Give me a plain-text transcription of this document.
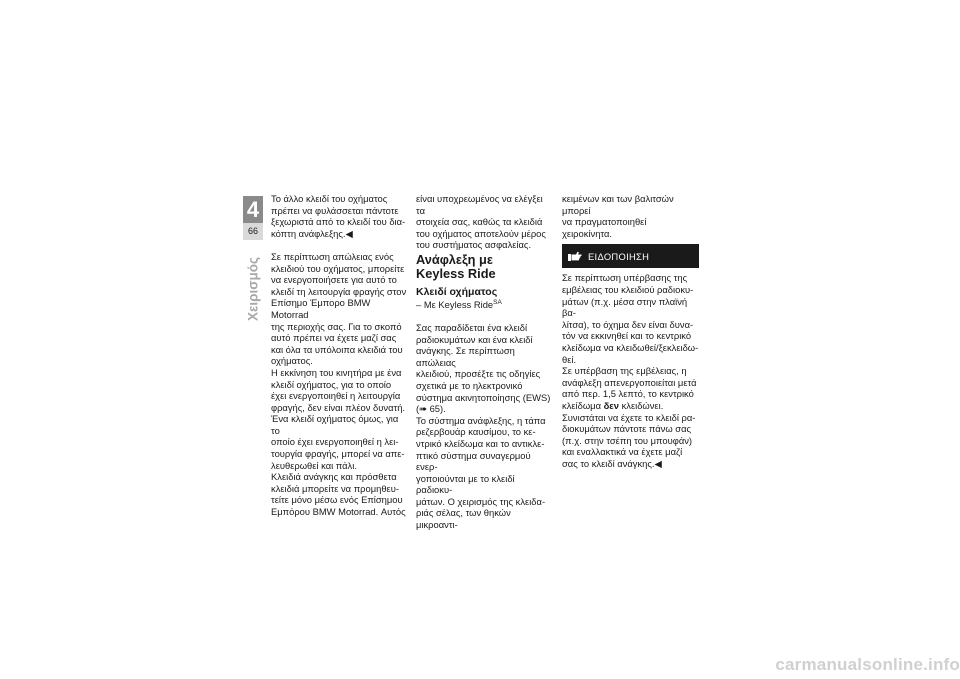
4
66
Χειρισμός

Το άλλο κλειδί του οχήματος

πρέπει να φυλάσσεται πάντοτε

ξεχωριστά από το κλειδί του δια-

κόπτη ανάφλεξης.◀

Σε περίπτωση απώλειας ενός

κλειδιού του οχήματος, μπορείτε

να ενεργοποιήσετε για αυτό το

κλειδί τη λειτουργία φραγής στον

Επίσημο Έμπορο BMW Motorrad

της περιοχής σας. Για το σκοπό

αυτό πρέπει να έχετε μαζί σας

και όλα τα υπόλοιπα κλειδιά του

οχήματος.

Η εκκίνηση του κινητήρα με ένα

κλειδί οχήματος, για το οποίο

έχει ενεργοποιηθεί η λειτουργία

φραγής, δεν είναι πλέον δυνατή.

Ένα κλειδί οχήματος όμως, για το

οποίο έχει ενεργοποιηθεί η λει-

τουργία φραγής, μπορεί να απε-

λευθερωθεί και πάλι.

Κλειδιά ανάγκης και πρόσθετα

κλειδιά μπορείτε να προμηθευ-

τείτε μόνο μέσω ενός Επίσημου

Εμπόρου BMW Motorrad. Αυτός

είναι υποχρεωμένος να ελέγξει τα

στοιχεία σας, καθώς τα κλειδιά

του οχήματος αποτελούν μέρος

του συστήματος ασφαλείας.

Ανάφλεξη με
Keyless Ride

Κλειδί οχήματος

– Με Keyless Ride$^{SA}$

Σας παραδίδεται ένα κλειδί

ραδιοκυμάτων και ένα κλειδί

ανάγκης. Σε περίπτωση απώλειας

κλειδιού, προσέξτε τις οδηγίες

σχετικά με το ηλεκτρονικό

σύστημα ακινητοποίησης (EWS)

(➠ 65).

Το σύστημα ανάφλεξης, η τάπα

ρεζερβουάρ καυσίμου, το κε-

ντρικό κλείδωμα και το αντικλε-

πτικό σύστημα συναγερμού ενερ-

γοποιούνται με το κλειδί ραδιοκυ-

μάτων. Ο χειρισμός της κλειδα-

ριάς σέλας, των θηκών μικροαντι-

κειμένων και των βαλιτσών μπορεί

να πραγματοποιηθεί χειροκίνητα.

ΕΙΔΟΠΟΙΗΣΗ

Σε περίπτωση υπέρβασης της

εμβέλειας του κλειδιού ραδιοκυ-

μάτων (π.χ. μέσα στην πλαϊνή βα-

λίτσα), το όχημα δεν είναι δυνα-

τόν να εκκινηθεί και το κεντρικό

κλείδωμα να κλειδωθεί/ξεκλειδω-

θεί.

Σε υπέρβαση της εμβέλειας, η

ανάφλεξη απενεργοποιείται μετά

από περ. 1,5 λεπτό, το κεντρικό

κλείδωμα δεν κλειδώνει.

Συνιστάται να έχετε το κλειδί ρα-

διοκυμάτων πάντοτε πάνω σας

(π.χ. στην τσέπη του μπουφάν)

και εναλλακτικά να έχετε μαζί

σας το κλειδί ανάγκης.◀

carmanualsonline.info
